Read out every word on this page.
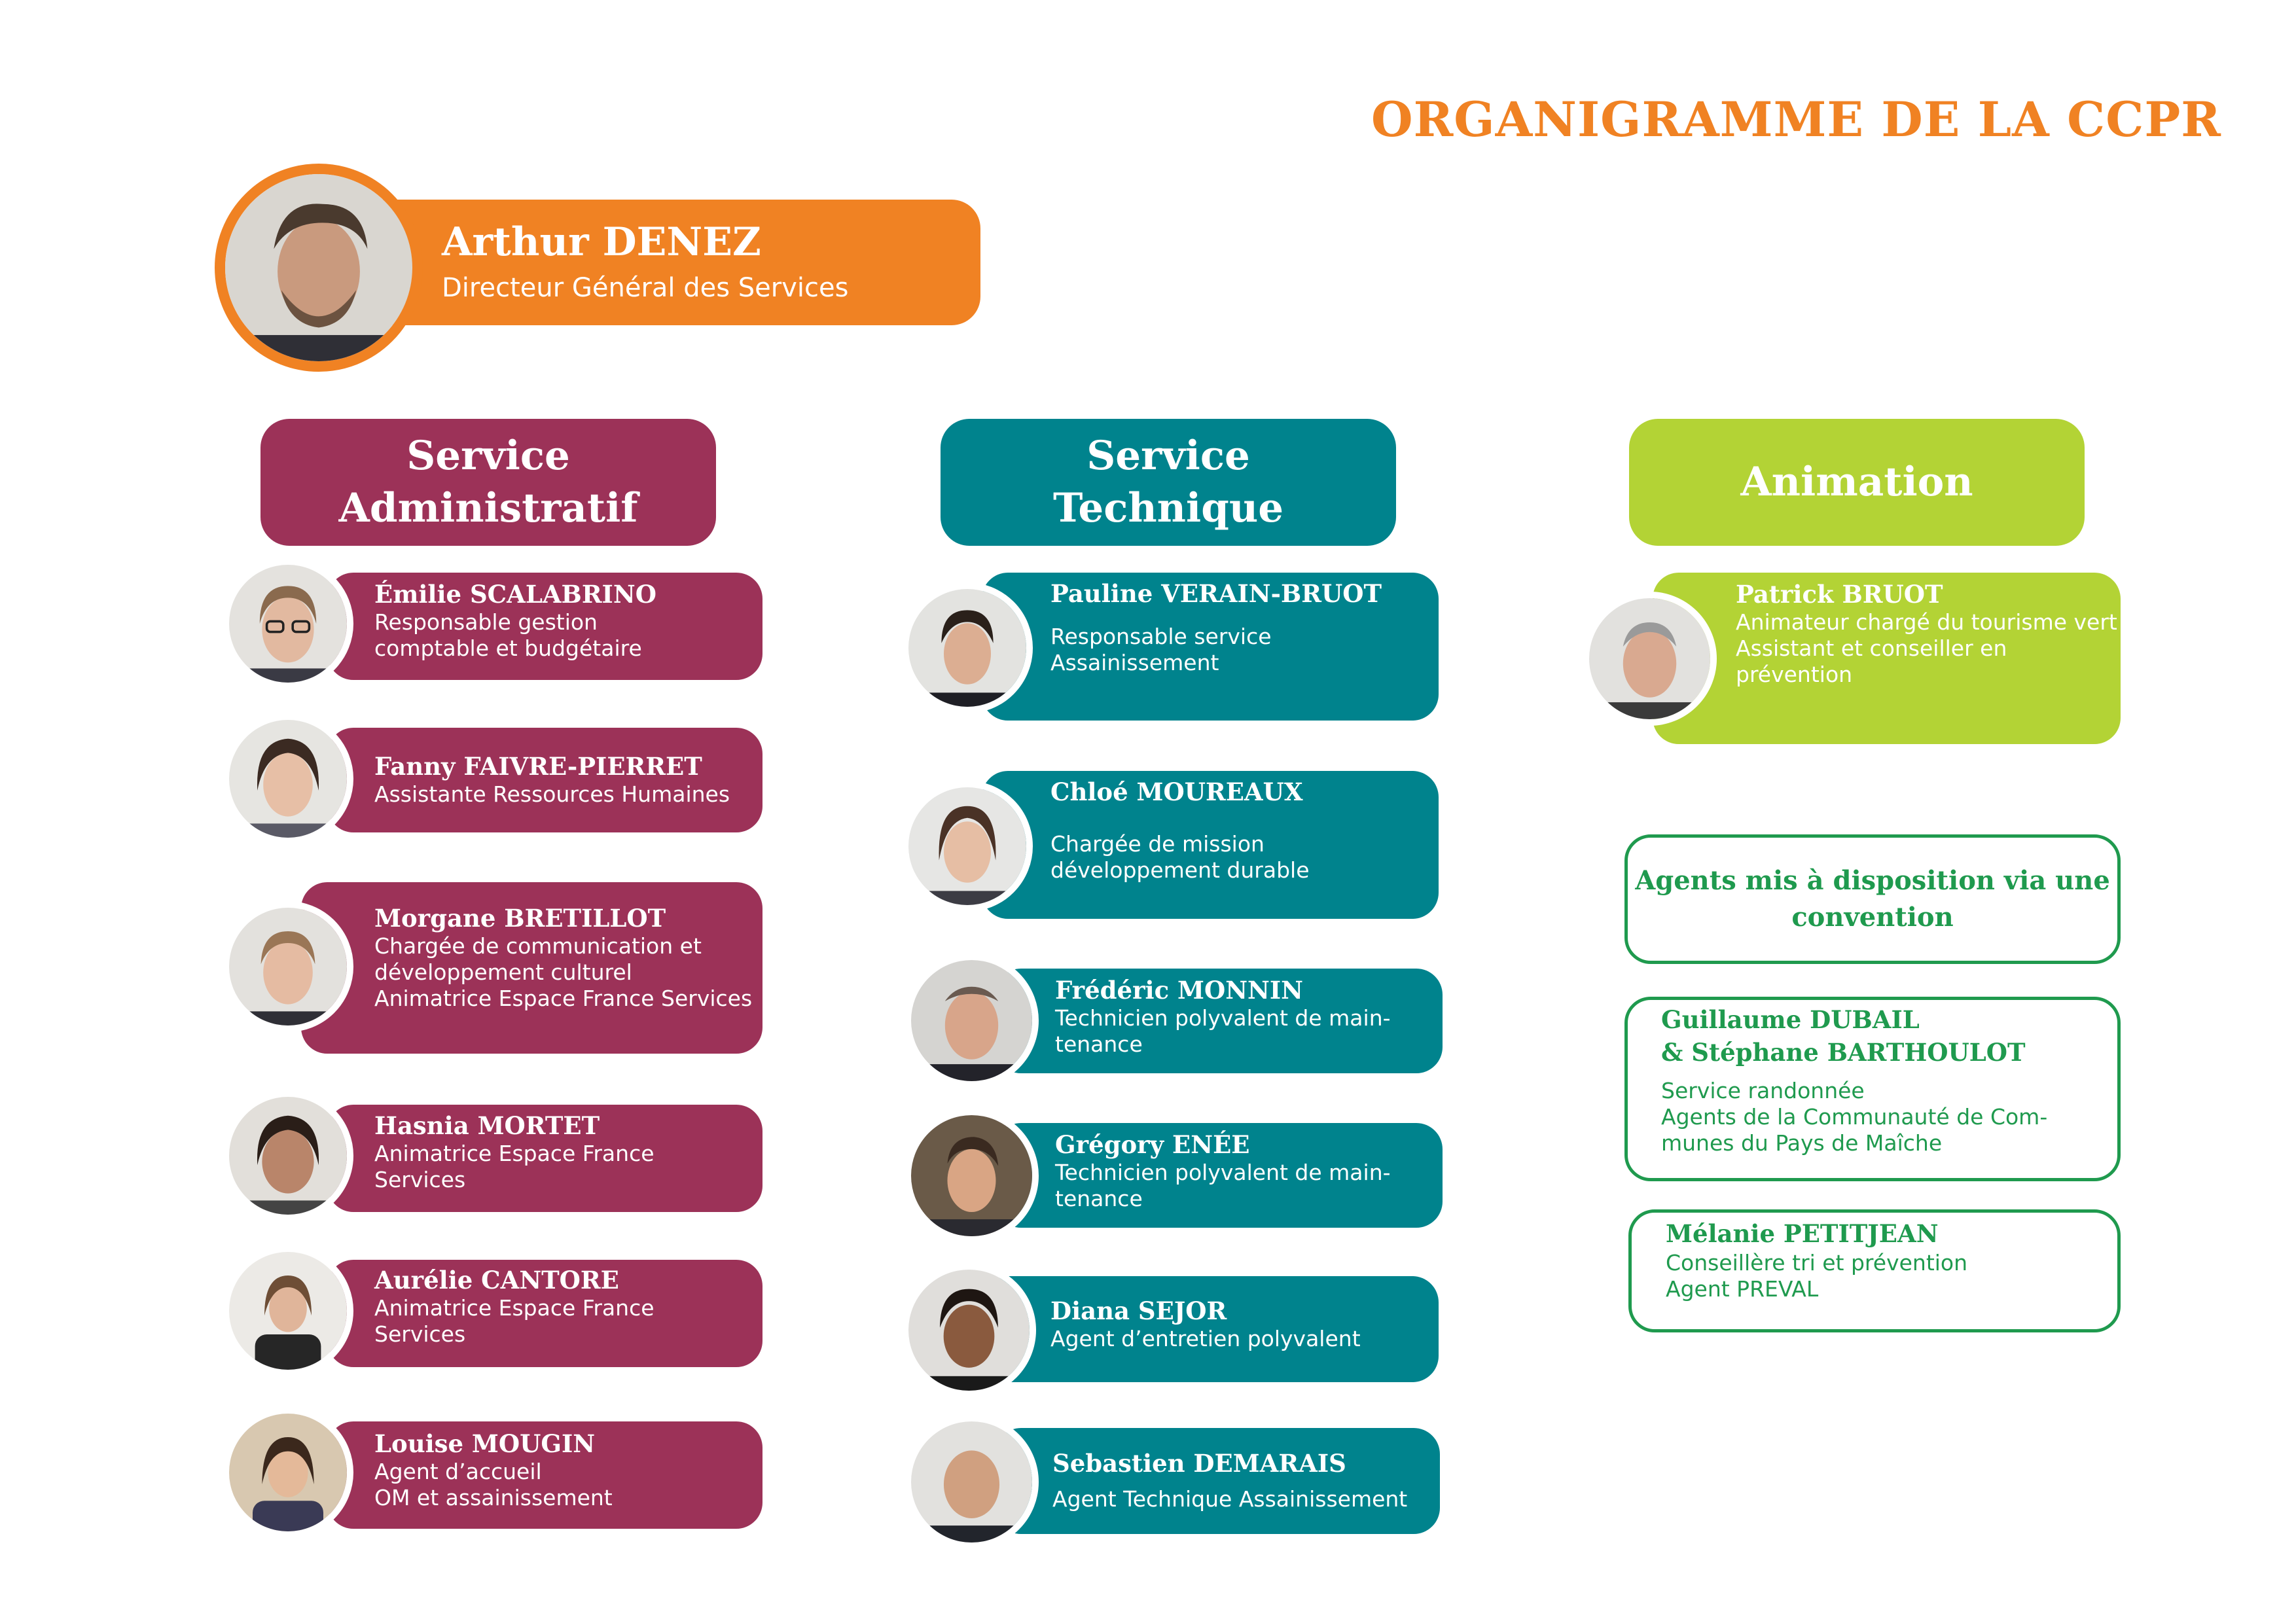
ORGANIGRAMME DE LA CCPR
Arthur DENEZ
Directeur Général des Services
Service
Administratif
Service
Technique
Animation
Émilie SCALABRINO
Responsable gestion
comptable et budgétaire
Fanny FAIVRE-PIERRET
Assistante Ressources Humaines
Morgane BRETILLOT
Chargée de communication et
développement culturel
Animatrice Espace France Services
Hasnia MORTET
Animatrice Espace France
Services
Aurélie CANTORE
Animatrice Espace France
Services
Louise MOUGIN
Agent d’accueil
OM et assainissement
Pauline VERAIN-BRUOT
Responsable service
Assainissement
Chloé MOUREAUX
Chargée de mission
développement durable
Frédéric MONNIN
Technicien polyvalent de main-
tenance
Grégory ENÉE
Technicien polyvalent de main-
tenance
Diana SEJOR
Agent d’entretien polyvalent
Sebastien DEMARAIS
Agent Technique Assainissement
Patrick BRUOT
Animateur chargé du tourisme vert
Assistant et conseiller en
prévention
Agents mis à disposition via une
convention
Guillaume DUBAIL
& Stéphane BARTHOULOT
Service randonnée
Agents de la Communauté de Com-
munes du Pays de Maîche
Mélanie PETITJEAN
Conseillère tri et prévention
Agent PREVAL
